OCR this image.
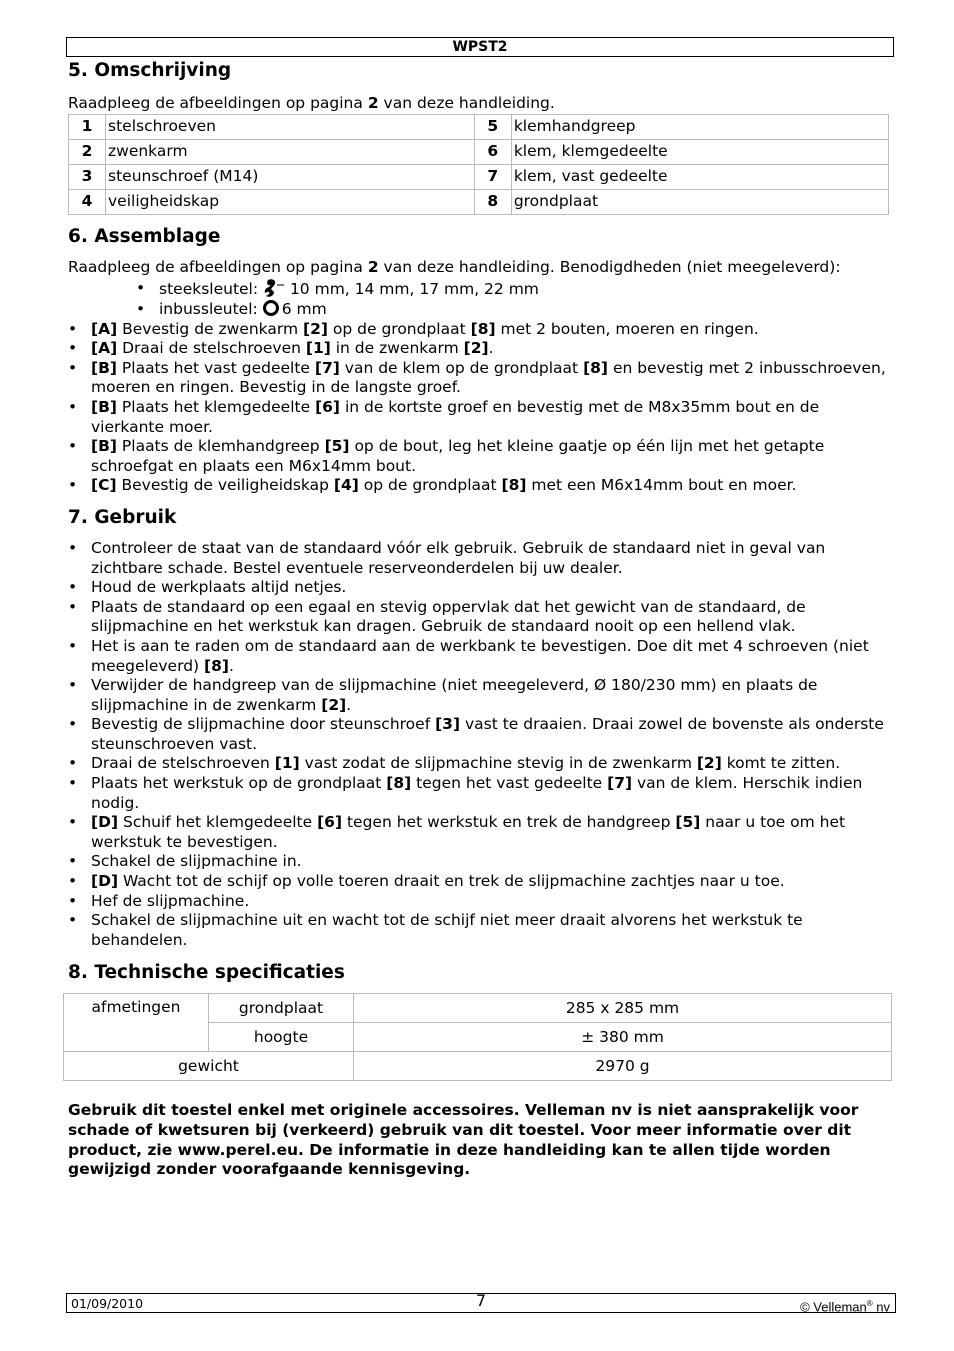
WPST2
5. Omschrijving

Raadpleeg de afbeeldingen op pagina 2 van deze handleiding.

1	stelschroeven	5	klemhandgreep
2	zwenkarm	6	klem, klemgedeelte
3	steunschroef (M14)	7	klem, vast gedeelte
4	veiligheidskap	8	grondplaat
6. Assemblage

Raadpleeg de afbeeldingen op pagina 2 van deze handleiding. Benodigdheden (niet meegeleverd):

• steeksleutel:  10 mm, 14 mm, 17 mm, 22 mm
• inbussleutel: 6 mm
• [A] Bevestig de zwenkarm [2] op de grondplaat [8] met 2 bouten, moeren en ringen.
• [A] Draai de stelschroeven [1] in de zwenkarm [2].
• [B] Plaats het vast gedeelte [7] van de klem op de grondplaat [8] en bevestig met 2 inbusschroeven, moeren en ringen. Bevestig in de langste groef.
• [B] Plaats het klemgedeelte [6] in de kortste groef en bevestig met de M8x35mm bout en de vierkante moer.
• [B] Plaats de klemhandgreep [5] op de bout, leg het kleine gaatje op één lijn met het getapte schroefgat en plaats een M6x14mm bout.
• [C] Bevestig de veiligheidskap [4] op de grondplaat [8] met een M6x14mm bout en moer.
7. Gebruik
• Controleer de staat van de standaard vóór elk gebruik. Gebruik de standaard niet in geval van zichtbare schade. Bestel eventuele reserveonderdelen bij uw dealer.
• Houd de werkplaats altijd netjes.
• Plaats de standaard op een egaal en stevig oppervlak dat het gewicht van de standaard, de slijpmachine en het werkstuk kan dragen. Gebruik de standaard nooit op een hellend vlak.
• Het is aan te raden om de standaard aan de werkbank te bevestigen. Doe dit met 4 schroeven (niet meegeleverd) [8].
• Verwijder de handgreep van de slijpmachine (niet meegeleverd, Ø 180/230 mm) en plaats de slijpmachine in de zwenkarm [2].
• Bevestig de slijpmachine door steunschroef [3] vast te draaien. Draai zowel de bovenste als onderste steunschroeven vast.
• Draai de stelschroeven [1] vast zodat de slijpmachine stevig in de zwenkarm [2] komt te zitten.
• Plaats het werkstuk op de grondplaat [8] tegen het vast gedeelte [7] van de klem. Herschik indien nodig.
• [D] Schuif het klemgedeelte [6] tegen het werkstuk en trek de handgreep [5] naar u toe om het werkstuk te bevestigen.
• Schakel de slijpmachine in.
• [D] Wacht tot de schijf op volle toeren draait en trek de slijpmachine zachtjes naar u toe.
• Hef de slijpmachine.
• Schakel de slijpmachine uit en wacht tot de schijf niet meer draait alvorens het werkstuk te behandelen.
8. Technische specificaties
afmetingen	grondplaat	285 x 285 mm
	hoogte	± 380 mm
gewicht		2970 g
Gebruik dit toestel enkel met originele accessoires. Velleman nv is niet aansprakelijk voor schade of kwetsuren bij (verkeerd) gebruik van dit toestel. Voor meer informatie over dit product, zie www.perel.eu. De informatie in deze handleiding kan te allen tijde worden gewijzigd zonder voorafgaande kennisgeving.
01/09/2010	7	© Velleman® nv
